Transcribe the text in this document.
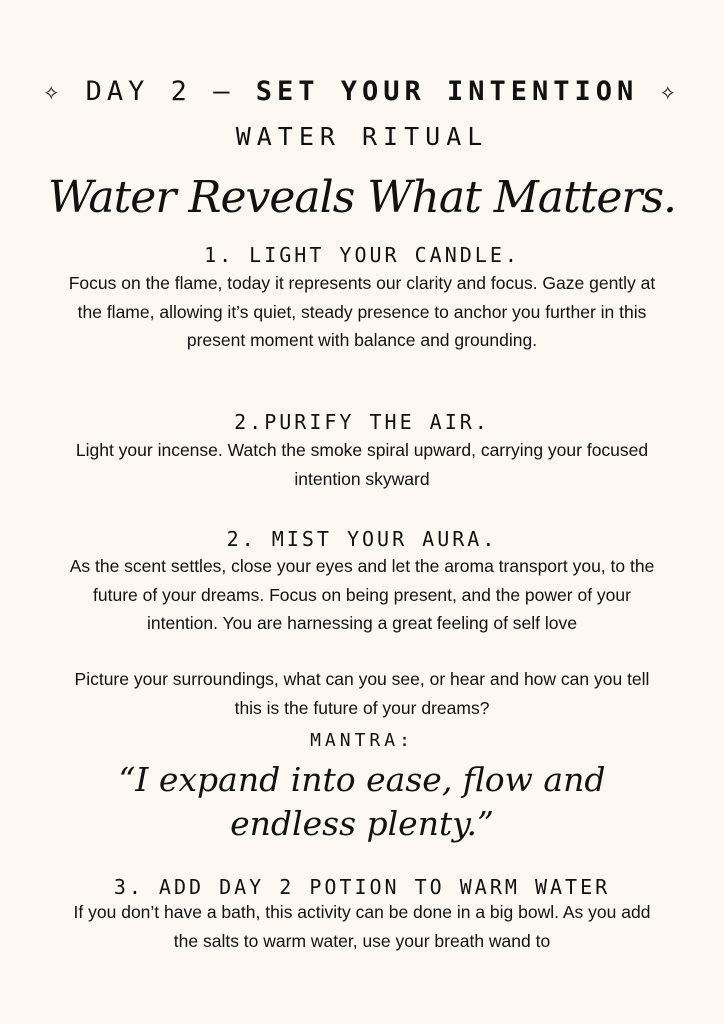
✧ DAY 2 – SET YOUR INTENTION ✧
WATER RITUAL
Water Reveals What Matters.
1. LIGHT YOUR CANDLE.
Focus on the flame, today it represents our clarity and focus. Gaze gently at the flame, allowing it’s quiet, steady presence to anchor you further in this present moment with balance and grounding.
2.PURIFY THE AIR.
Light your incense. Watch the smoke spiral upward, carrying your focused intention skyward
2. MIST YOUR AURA.
As the scent settles, close your eyes and let the aroma transport you, to the future of your dreams. Focus on being present, and the power of your intention. You are harnessing a great feeling of self love
Picture your surroundings, what can you see, or hear and how can you tell this is the future of your dreams?
MANTRA:
“I expand into ease, flow and
endless plenty.”
3. ADD DAY 2 POTION TO WARM WATER
If you don’t have a bath, this activity can be done in a big bowl. As you add the salts to warm water, use your breath wand to
